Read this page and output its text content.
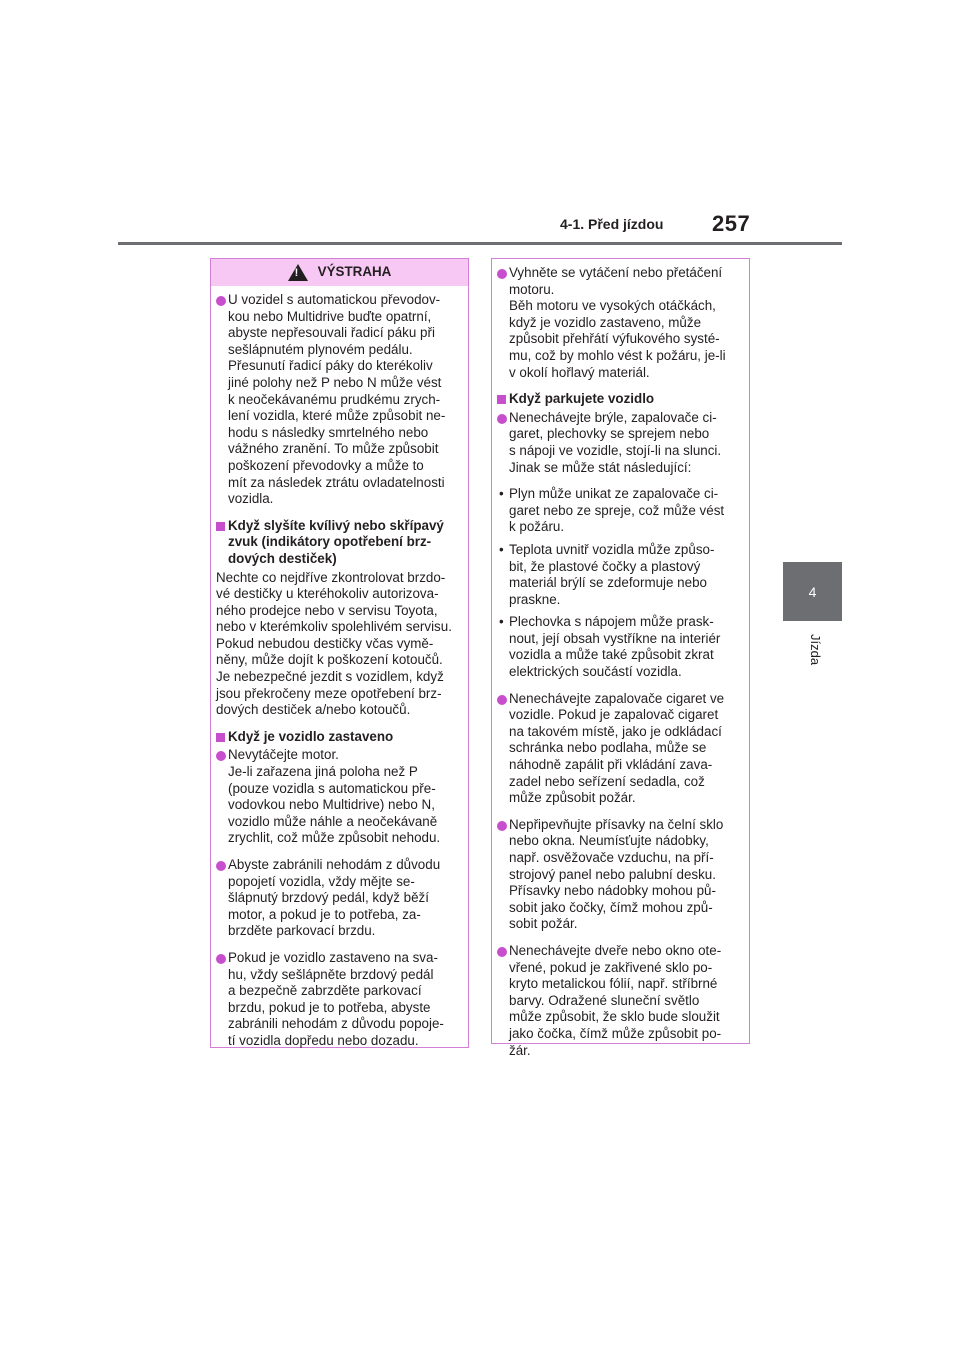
4-1. Před jízdou 257
4
Jízda
!
VÝSTRAHA
U vozidel s automatickou převodov-
kou nebo Multidrive buďte opatrní,
abyste nepřesouvali řadicí páku při
sešlápnutém plynovém pedálu.
Přesunutí řadicí páky do kterékoliv
jiné polohy než P nebo N může vést
k neočekávanému prudkému zrych-
lení vozidla, které může způsobit ne-
hodu s následky smrtelného nebo
vážného zranění. To může způsobit
poškození převodovky a může to
mít za následek ztrátu ovladatelnosti
vozidla.
Když slyšíte kvílivý nebo skřípavý
zvuk (indikátory opotřebení brz-
dových destiček)
Nechte co nejdříve zkontrolovat brzdo-
vé destičky u kteréhokoliv autorizova-
ného prodejce nebo v servisu Toyota,
nebo v kterémkoliv spolehlivém servisu.
Pokud nebudou destičky včas vymě-
něny, může dojít k poškození kotoučů.
Je nebezpečné jezdit s vozidlem, když
jsou překročeny meze opotřebení brz-
dových destiček a/nebo kotoučů.
Když je vozidlo zastaveno
Nevytáčejte motor.
Je-li zařazena jiná poloha než P
(pouze vozidla s automatickou pře-
vodovkou nebo Multidrive) nebo N,
vozidlo může náhle a neočekávaně
zrychlit, což může způsobit nehodu.
Abyste zabránili nehodám z důvodu
popojetí vozidla, vždy mějte se-
šlápnutý brzdový pedál, když běží
motor, a pokud je to potřeba, za-
brzděte parkovací brzdu.
Pokud je vozidlo zastaveno na sva-
hu, vždy sešlápněte brzdový pedál
a bezpečně zabrzděte parkovací
brzdu, pokud je to potřeba, abyste
zabránili nehodám z důvodu popoje-
tí vozidla dopředu nebo dozadu.
Vyhněte se vytáčení nebo přetáčení
motoru.
Běh motoru ve vysokých otáčkách,
když je vozidlo zastaveno, může
způsobit přehřátí výfukového systé-
mu, což by mohlo vést k požáru, je-li
v okolí hořlavý materiál.
Když parkujete vozidlo
Nenechávejte brýle, zapalovače ci-
garet, plechovky se sprejem nebo
s nápoji ve vozidle, stojí-li na slunci.
Jinak se může stát následující:
• Plyn může unikat ze zapalovače ci-
garet nebo ze spreje, což může vést
k požáru.
• Teplota uvnitř vozidla může způso-
bit, že plastové čočky a plastový
materiál brýlí se zdeformuje nebo
praskne.
• Plechovka s nápojem může prask-
nout, její obsah vystříkne na interiér
vozidla a může také způsobit zkrat
elektrických součástí vozidla.
Nenechávejte zapalovače cigaret ve
vozidle. Pokud je zapalovač cigaret
na takovém místě, jako je odkládací
schránka nebo podlaha, může se
náhodně zapálit při vkládání zava-
zadel nebo seřízení sedadla, což
může způsobit požár.
Nepřipevňujte přísavky na čelní sklo
nebo okna. Neumísťujte nádobky,
např. osvěžovače vzduchu, na pří-
strojový panel nebo palubní desku.
Přísavky nebo nádobky mohou pů-
sobit jako čočky, čímž mohou způ-
sobit požár.
Nenechávejte dveře nebo okno ote-
vřené, pokud je zakřivené sklo po-
kryto metalickou fólií, např. stříbrné
barvy. Odražené sluneční světlo
může způsobit, že sklo bude sloužit
jako čočka, čímž může způsobit po-
žár.
